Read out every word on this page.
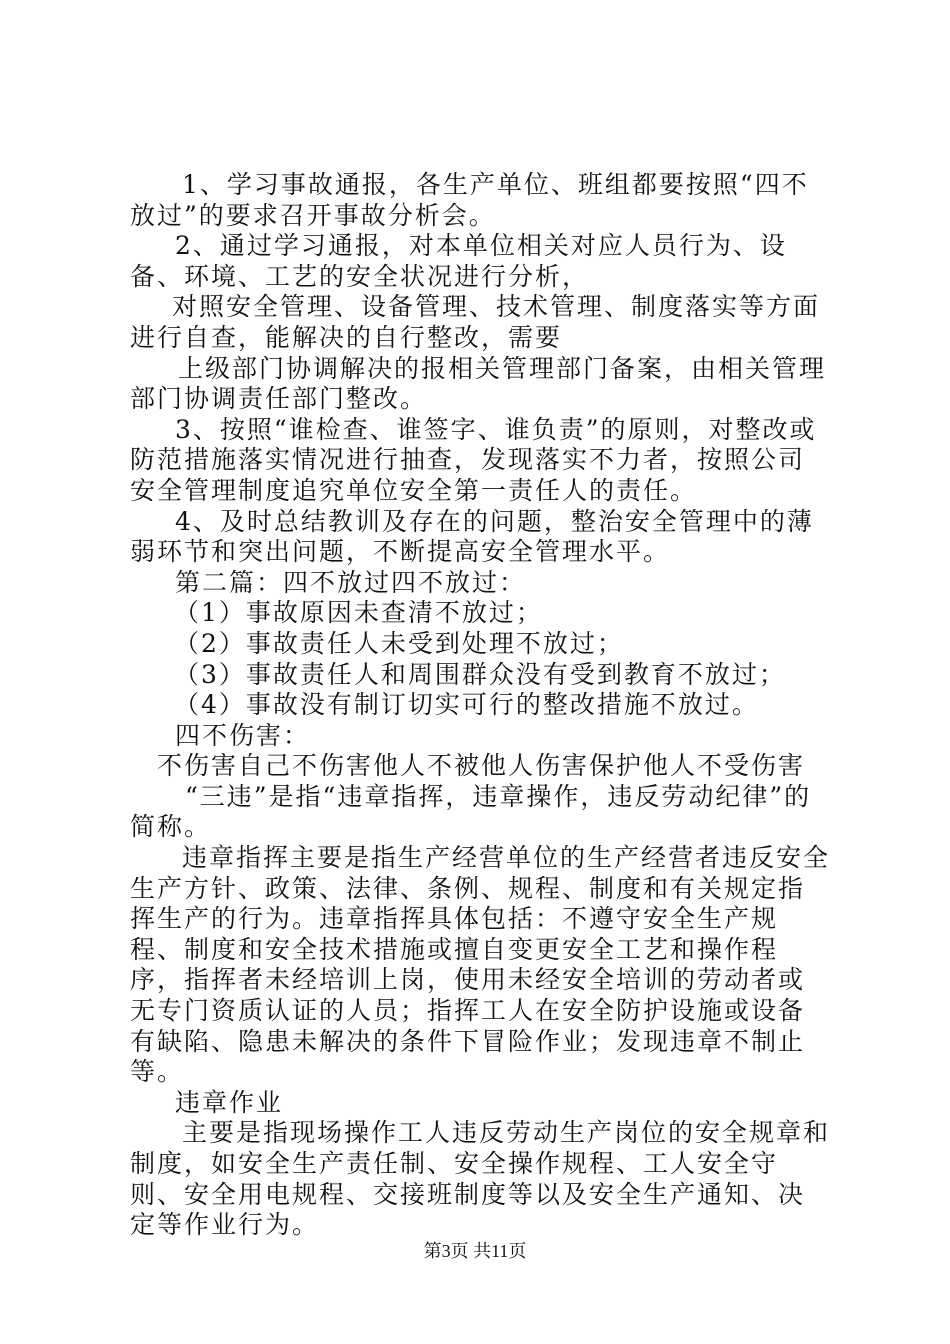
　1、学习事故通报，各生产单位、班组都要按照“四不放过”的要求召开事故分析会。

　2、通过学习通报，对本单位相关对应人员行为、设备、环境、工艺的安全状况进行分析，

　对照安全管理、设备管理、技术管理、制度落实等方面进行自查，能解决的自行整改，需要

　上级部门协调解决的报相关管理部门备案，由相关管理部门协调责任部门整改。

　3、按照“谁检查、谁签字、谁负责”的原则，对整改或防范措施落实情况进行抽查，发现落实不力者，按照公司安全管理制度追究单位安全第一责任人的责任。

　4、及时总结教训及存在的问题，整治安全管理中的薄弱环节和突出问题，不断提高安全管理水平。

　第二篇：四不放过四不放过：

（1）事故原因未查清不放过；

（2）事故责任人未受到处理不放过；

（3）事故责任人和周围群众没有受到教育不放过；

（4）事故没有制订切实可行的整改措施不放过。

　四不伤害：

　不伤害自己不伤害他人不被他人伤害保护他人不受伤害

　“三违”是指“违章指挥，违章操作，违反劳动纪律”的简称。

　违章指挥主要是指生产经营单位的生产经营者违反安全生产方针、政策、法律、条例、规程、制度和有关规定指挥生产的行为。违章指挥具体包括：不遵守安全生产规程、制度和安全技术措施或擅自变更安全工艺和操作程序，指挥者未经培训上岗，使用未经安全培训的劳动者或无专门资质认证的人员；指挥工人在安全防护设施或设备有缺陷、隐患未解决的条件下冒险作业；发现违章不制止等。

　违章作业

　主要是指现场操作工人违反劳动生产岗位的安全规章和制度，如安全生产责任制、安全操作规程、工人安全守则、安全用电规程、交接班制度等以及安全生产通知、决定等作业行为。

第3页 共11页
